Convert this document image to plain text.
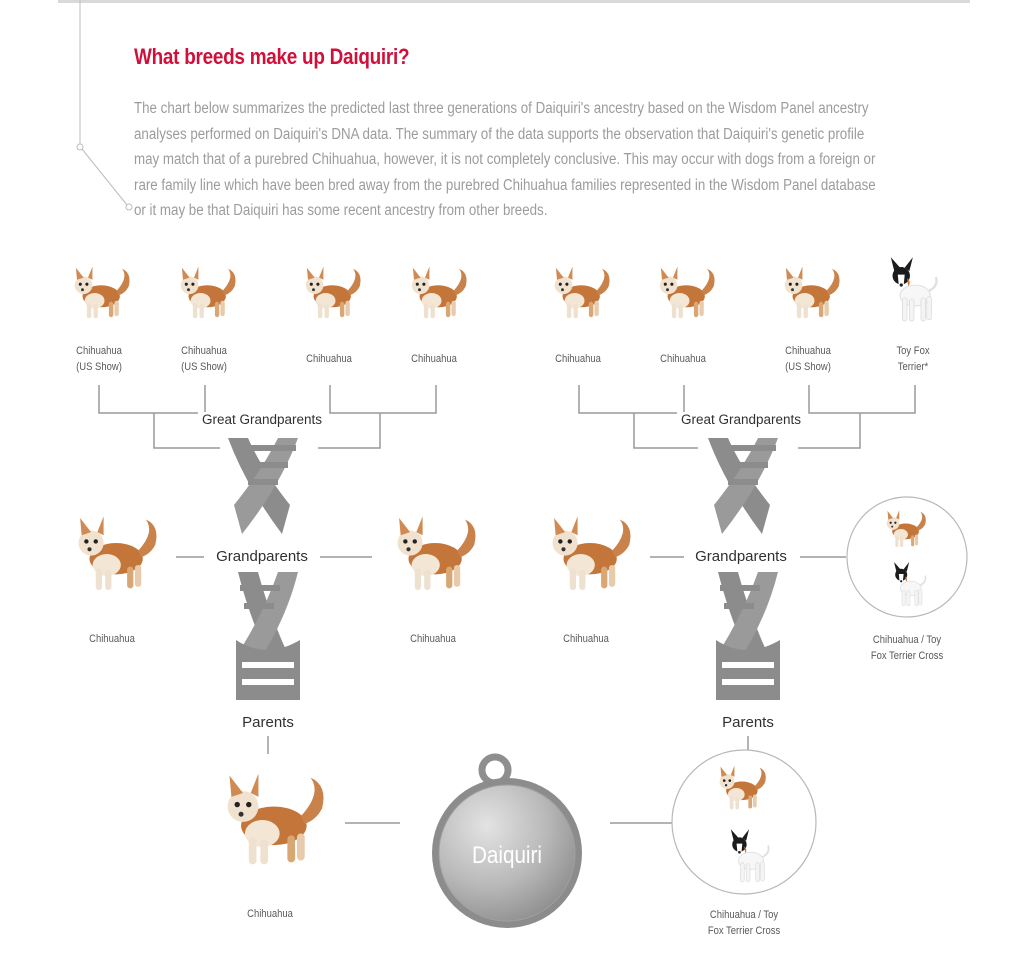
What breeds make up Daiquiri?
The chart below summarizes the predicted last three generations of Daiquiri's ancestry based on the Wisdom Panel ancestry analyses performed on Daiquiri's DNA data. The summary of the data supports the observation that Daiquiri's genetic profile may match that of a purebred Chihuahua, however, it is not completely conclusive. This may occur with dogs from a foreign or rare family line which have been bred away from the purebred Chihuahua families represented in the Wisdom Panel database or it may be that Daiquiri has some recent ancestry from other breeds.
Chihuahua
(US Show)
Chihuahua
(US Show)
Chihuahua	Chihuahua	Chihuahua	Chihuahua
Chihuahua
(US Show)
Toy Fox
Terrier*
Great Grandparents	Great Grandparents
Grandparents	Grandparents
Parents	Parents
Chihuahua	Chihuahua	Chihuahua	Chihuahua / Toy
Fox Terrier Cross
Chihuahua	Chihuahua / Toy
Fox Terrier Cross
Daiquiri
